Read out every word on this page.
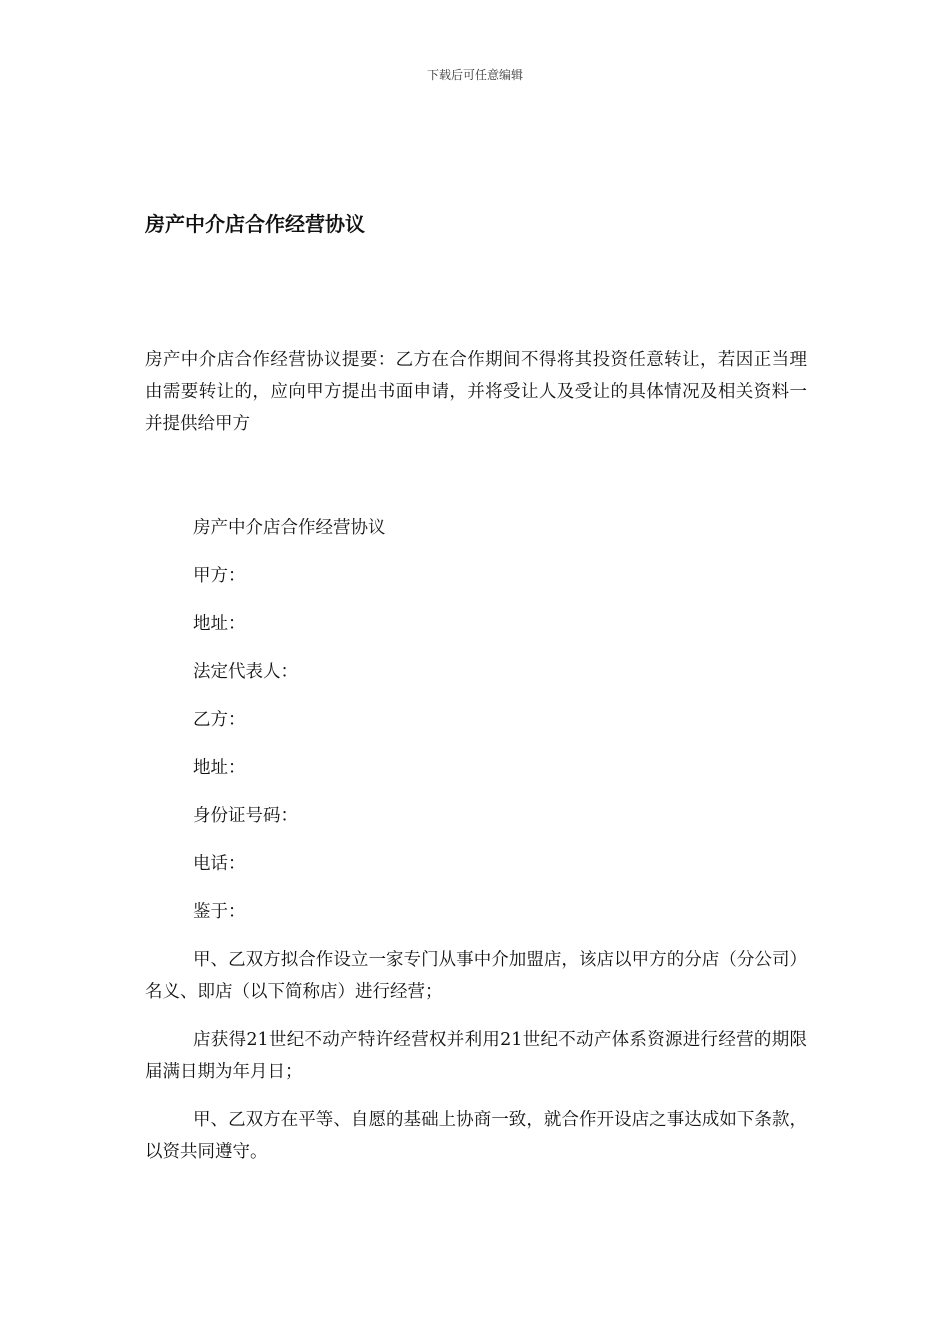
下载后可任意编辑
房产中介店合作经营协议

房产中介店合作经营协议提要：乙方在合作期间不得将其投资任意转让，若因正当理由需要转让的，应向甲方提出书面申请，并将受让人及受让的具体情况及相关资料一并提供给甲方

房产中介店合作经营协议

甲方：

地址：

法定代表人：

乙方：

地址：

身份证号码：

电话：

鉴于：

甲、乙双方拟合作设立一家专门从事中介加盟店，该店以甲方的分店（分公司）名义、即店（以下简称店）进行经营；

店获得21世纪不动产特许经营权并利用21世纪不动产体系资源进行经营的期限届满日期为年月日；

甲、乙双方在平等、自愿的基础上协商一致，就合作开设店之事达成如下条款，以资共同遵守。
